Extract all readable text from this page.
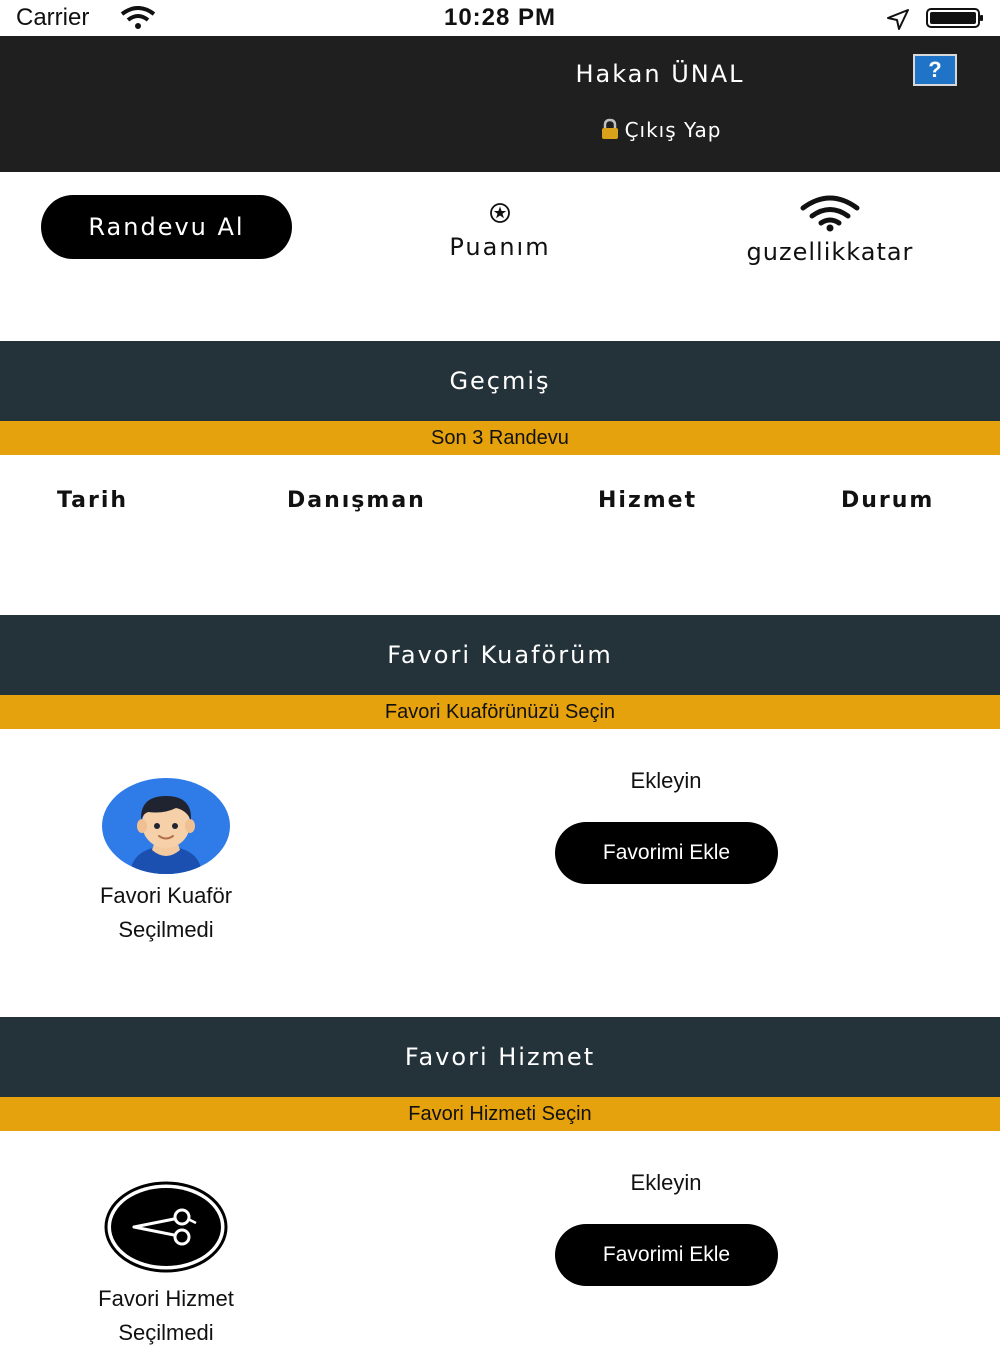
Carrier	10:28 PM
Hakan ÜNAL
Çıkış Yap
?
Randevu Al
Puanım	guzellikkatar
Geçmiş
Son 3 Randevu
Tarih	Danışman	Hizmet	Durum
Favori Kuaförüm
Favori Kuaförünüzü Seçin
Favori Kuaför
Seçilmedi
Ekleyin
Favorimi Ekle
Favori Hizmet
Favori Hizmeti Seçin
Favori Hizmet
Seçilmedi
Ekleyin
Favorimi Ekle
